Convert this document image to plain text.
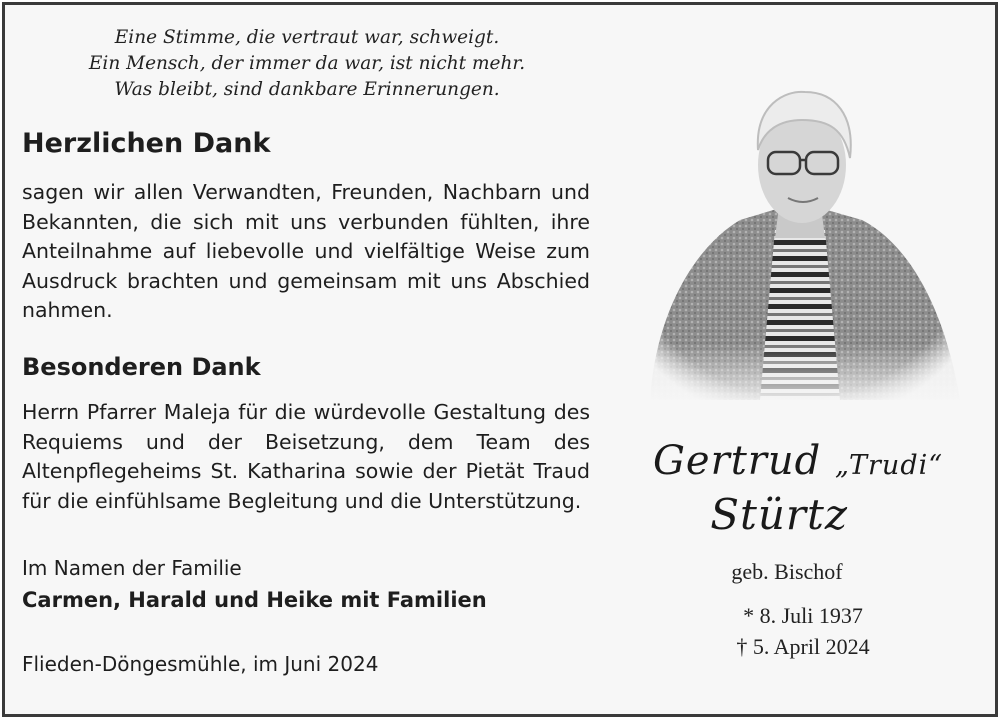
Eine Stimme, die vertraut war, schweigt.
Ein Mensch, der immer da war, ist nicht mehr.
Was bleibt, sind dankbare Erinnerungen.
Herzlichen Dank
sagen wir allen Verwandten, Freunden, Nachbarn und Bekannten, die sich mit uns verbunden fühlten, ihre Anteilnahme auf liebevolle und vielfältige Weise zum Ausdruck brachten und gemeinsam mit uns Abschied nahmen.
Besonderen Dank
Herrn Pfarrer Maleja für die würdevolle Gestaltung des Requiems und der Beisetzung, dem Team des Altenpflegeheims St. Katharina sowie der Pietät Traud für die einfühlsame Begleitung und die Unterstützung.
Im Namen der Familie
Carmen, Harald und Heike mit Familien
Flieden-Döngesmühle, im Juni 2024
Gertrud „Trudi“
Stürtz
geb. Bischof
* 8. Juli 1937
† 5. April 2024
